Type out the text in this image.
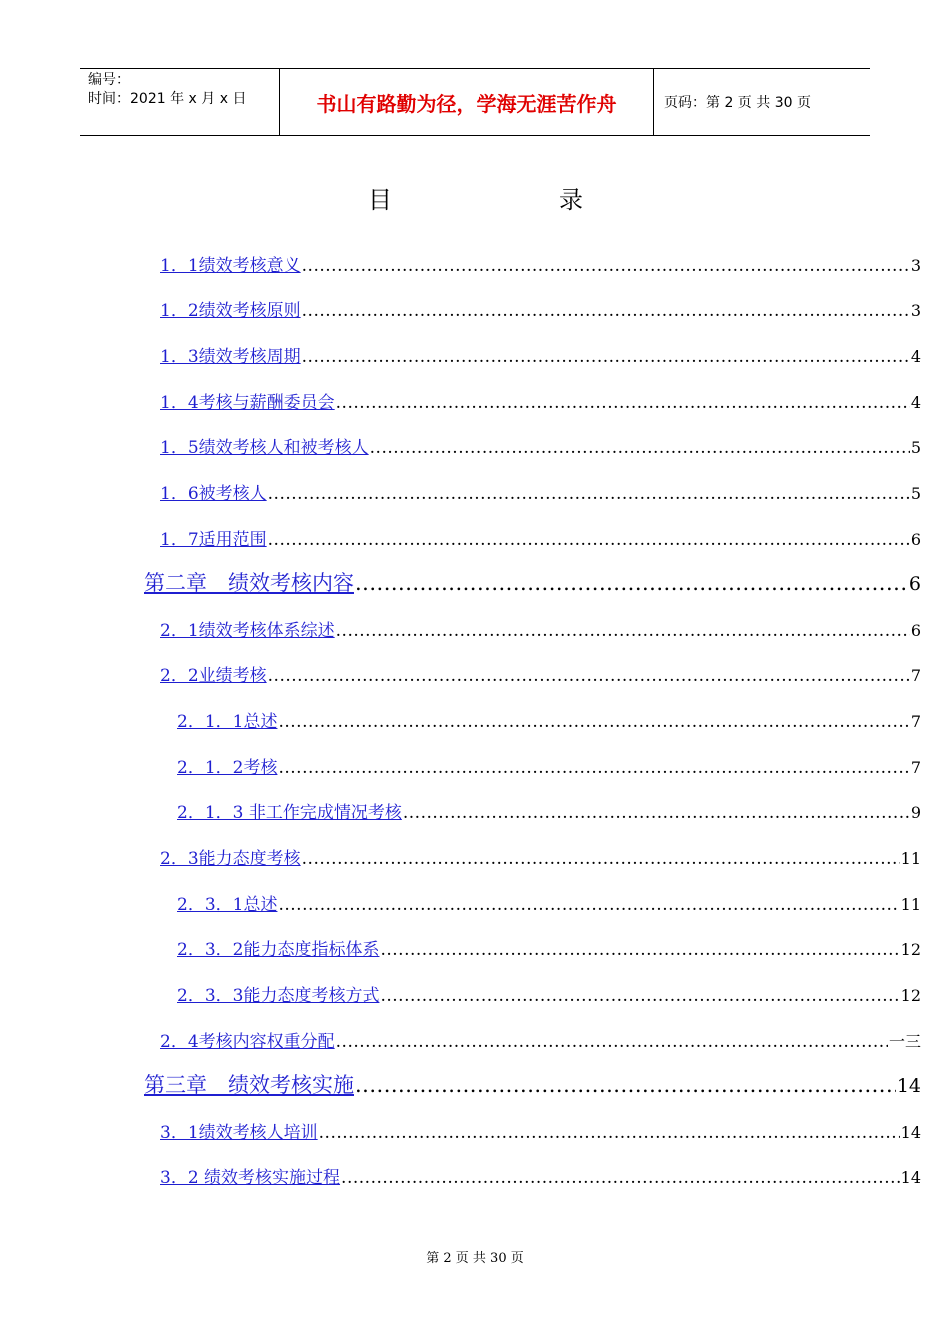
编号：
时间：2021 年 x 月 x 日	书山有路勤为径，学海无涯苦作舟	页码：第 2 页 共 30 页
目	录
1．1绩效考核意义 .....	3
1．2绩效考核原则 .....	3
1．3绩效考核周期 .....	4
1．4考核与薪酬委员会 .....	4
1．5绩效考核人和被考核人 .....	5
1．6被考核人 .....	5
1．7适用范围 .....	6
第二章　绩效考核内容 .....	6
2．1绩效考核体系综述 .....	6
2．2业绩考核 .....	7
2．1．1总述 .....	7
2．1．2考核 .....	7
2．1．3 非工作完成情况考核 .....	9
2．3能力态度考核 .....	11
2．3．1总述 .....	11
2．3．2能力态度指标体系 .....	12
2．3．3能力态度考核方式 .....	12
2．4考核内容权重分配 .....	一三
第三章　绩效考核实施 .....	14
3．1绩效考核人培训 .....	14
3．2 绩效考核实施过程 .....	14
第 2 页 共 30 页
